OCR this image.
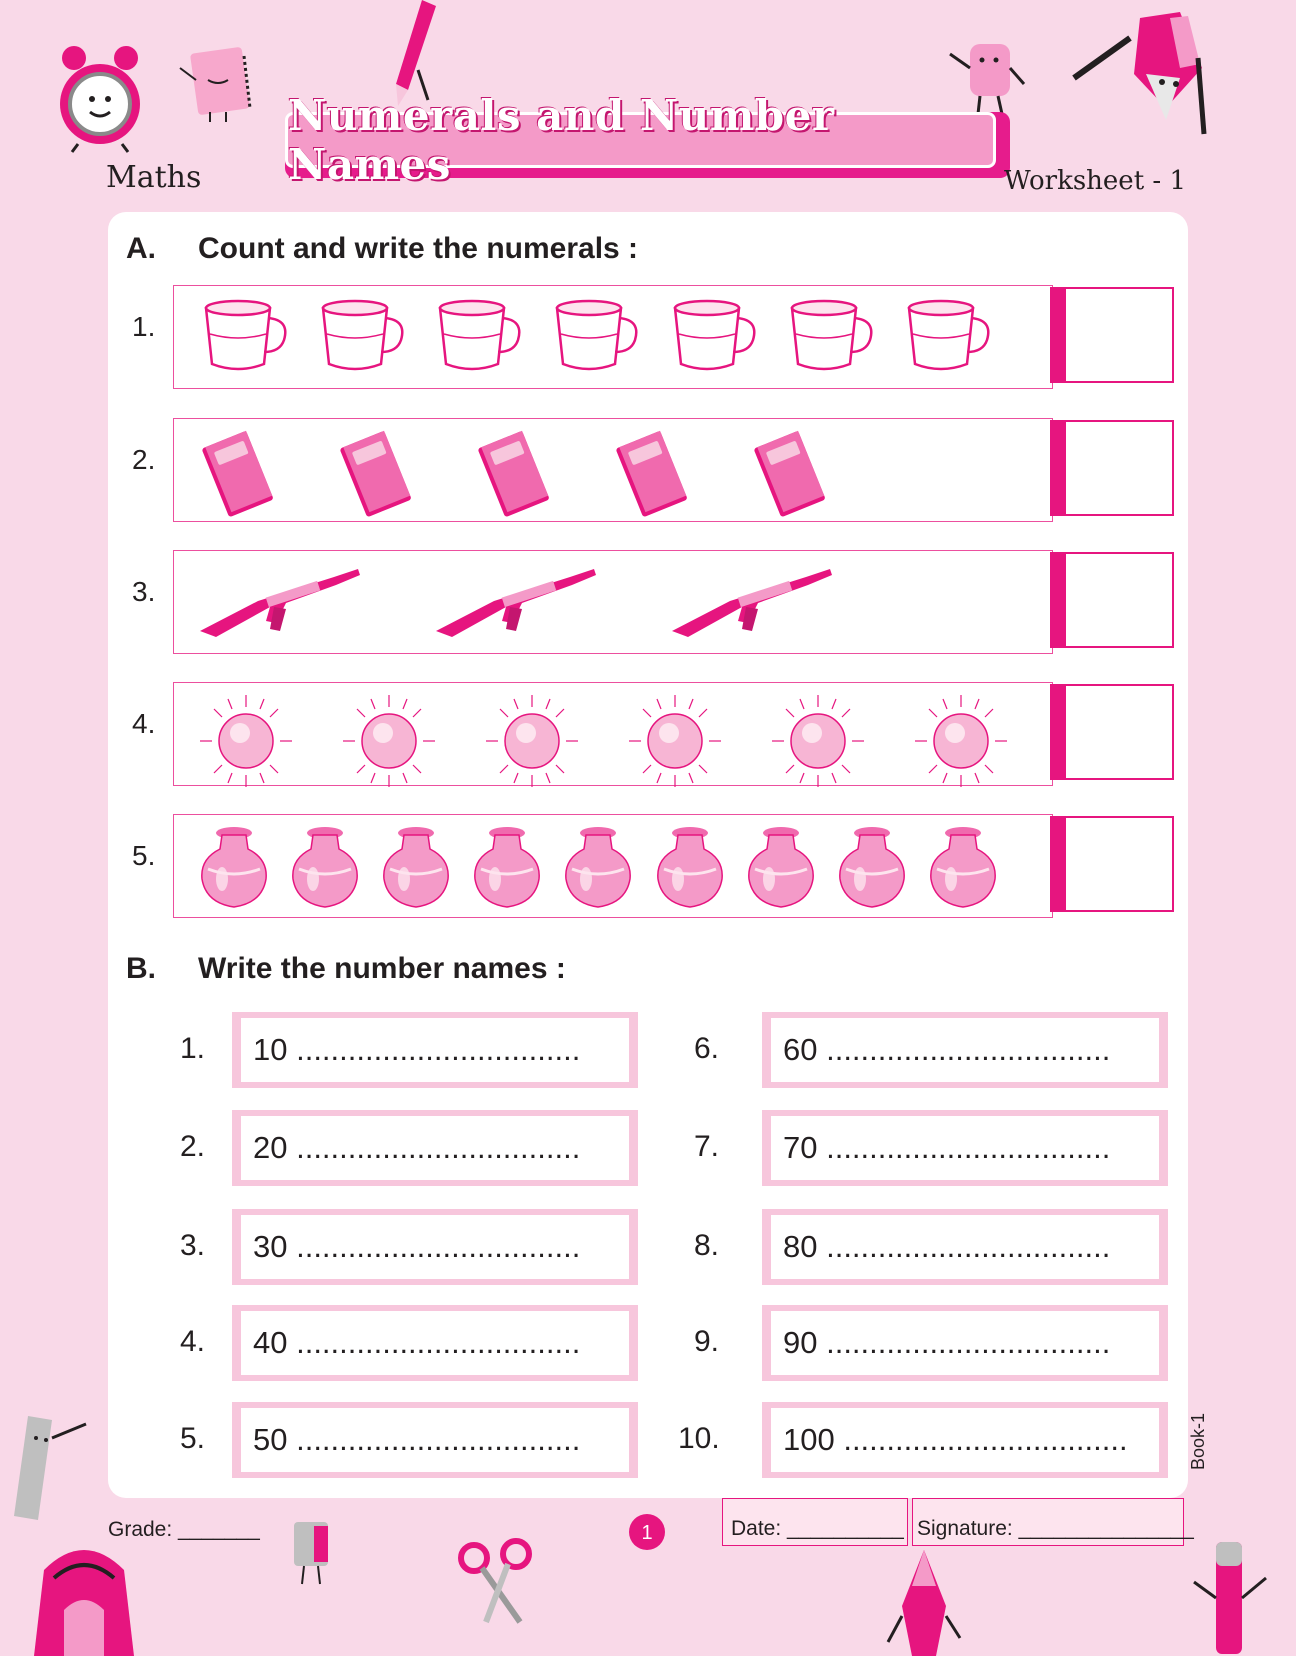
Maths
Numerals and Number Names	Worksheet - 1
A. Count and write the numerals :
1.
2.
3.
4.
5.
B. Write the number names :
1.	10 .................................
2.	20 .................................
3.	30 .................................
4.	40 .................................
5.	50 .................................
6.	60 .................................
7.	70 .................................
8.	80 .................................
9.	90 .................................
10.	100 .................................
Grade: _______	1	Date: __________ Signature: _______________
Book-1
